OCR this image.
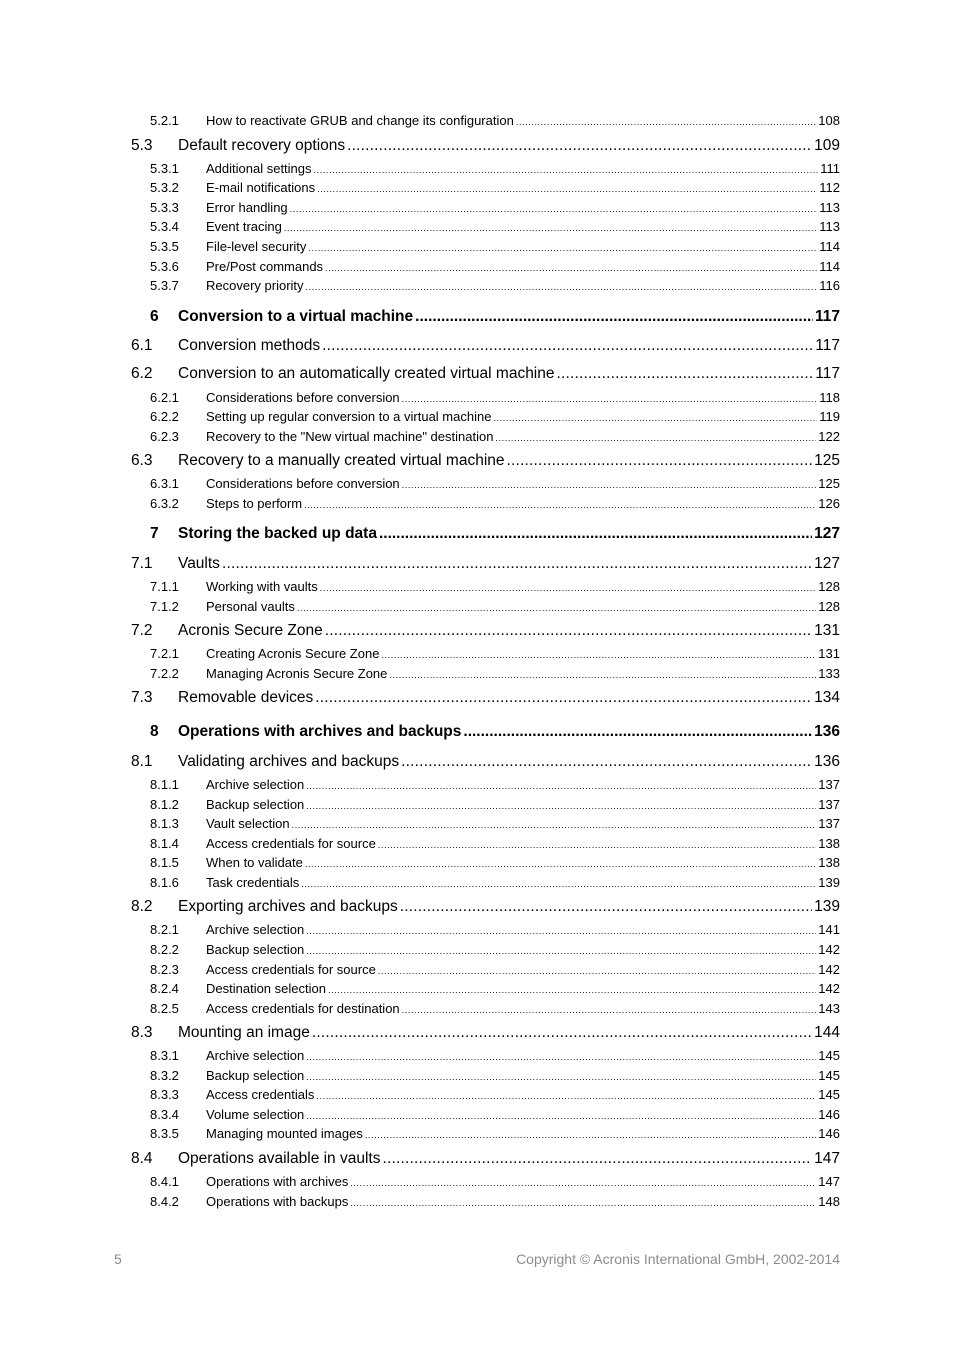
5.2.1 How to reactivate GRUB and change its configuration .....	108
5.3 Default recovery options .....	109
5.3.1 Additional settings .....	111
5.3.2 E-mail notifications .....	112
5.3.3 Error handling .....	113
5.3.4 Event tracing .....	113
5.3.5 File-level security .....	114
5.3.6 Pre/Post commands .....	114
5.3.7 Recovery priority .....	116
6 Conversion to a virtual machine .....	117
6.1 Conversion methods .....	117
6.2 Conversion to an automatically created virtual machine .....	117
6.2.1 Considerations before conversion .....	118
6.2.2 Setting up regular conversion to a virtual machine .....	119
6.2.3 Recovery to the "New virtual machine" destination .....	122
6.3 Recovery to a manually created virtual machine .....	125
6.3.1 Considerations before conversion .....	125
6.3.2 Steps to perform .....	126
7 Storing the backed up data .....	127
7.1 Vaults .....	127
7.1.1 Working with vaults .....	128
7.1.2 Personal vaults .....	128
7.2 Acronis Secure Zone .....	131
7.2.1 Creating Acronis Secure Zone .....	131
7.2.2 Managing Acronis Secure Zone .....	133
7.3 Removable devices .....	134
8 Operations with archives and backups .....	136
8.1 Validating archives and backups .....	136
8.1.1 Archive selection .....	137
8.1.2 Backup selection .....	137
8.1.3 Vault selection .....	137
8.1.4 Access credentials for source .....	138
8.1.5 When to validate .....	138
8.1.6 Task credentials .....	139
8.2 Exporting archives and backups .....	139
8.2.1 Archive selection .....	141
8.2.2 Backup selection .....	142
8.2.3 Access credentials for source .....	142
8.2.4 Destination selection .....	142
8.2.5 Access credentials for destination .....	143
8.3 Mounting an image .....	144
8.3.1 Archive selection .....	145
8.3.2 Backup selection .....	145
8.3.3 Access credentials .....	145
8.3.4 Volume selection .....	146
8.3.5 Managing mounted images .....	146
8.4 Operations available in vaults .....	147
8.4.1 Operations with archives .....	147
8.4.2 Operations with backups .....	148
5	Copyright © Acronis International GmbH, 2002-2014
